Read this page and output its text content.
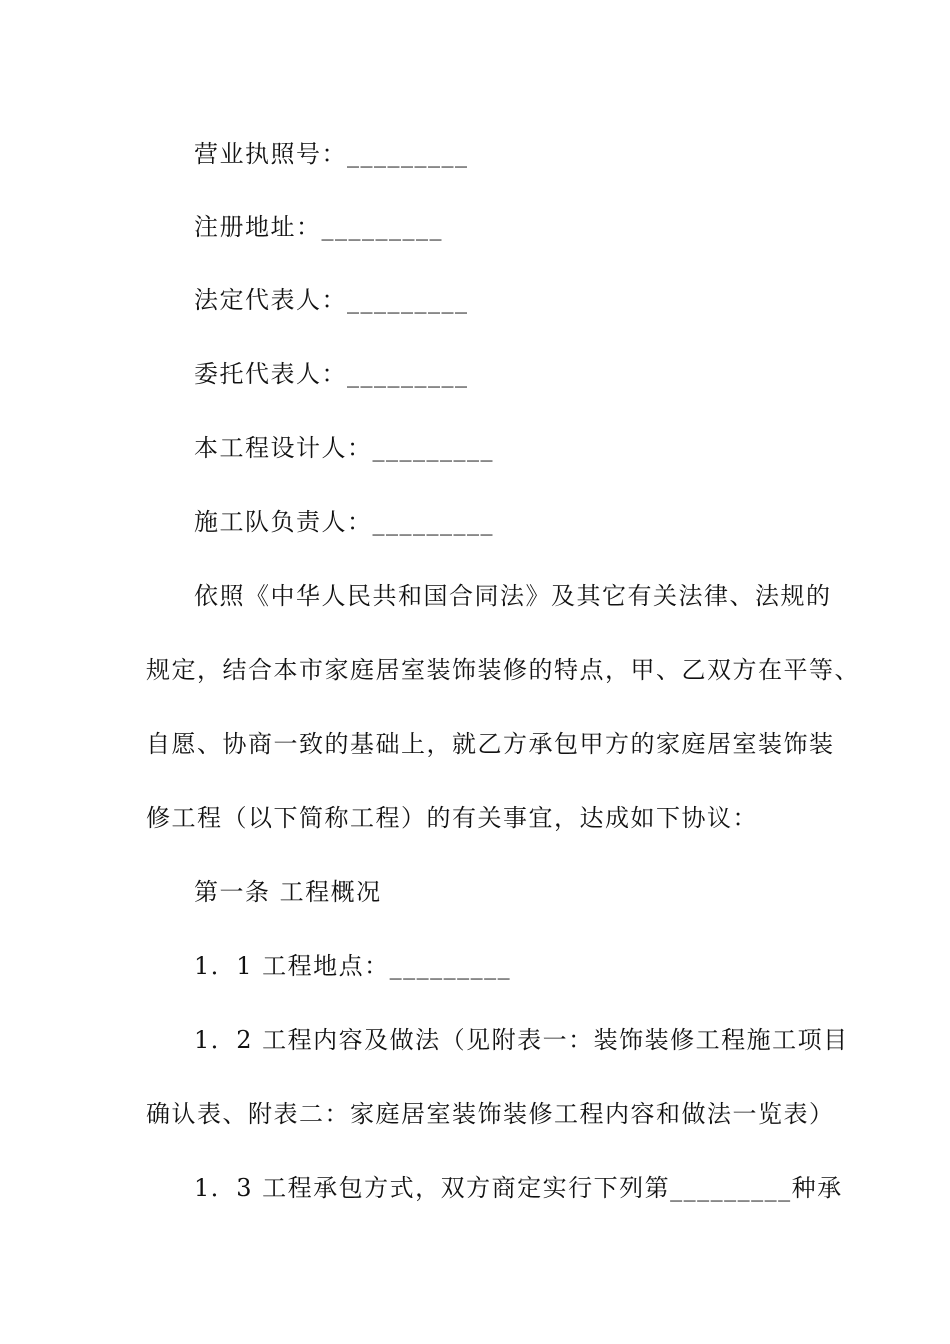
营业执照号：_________
注册地址：_________
法定代表人：_________
委托代表人：_________
本工程设计人：_________
施工队负责人：_________
依照《中华人民共和国合同法》及其它有关法律、法规的
规定，结合本市家庭居室装饰装修的特点，甲、乙双方在平等、
自愿、协商一致的基础上，就乙方承包甲方的家庭居室装饰装
修工程（以下简称工程）的有关事宜，达成如下协议：
第一条 工程概况
1．1 工程地点：_________
1．2 工程内容及做法（见附表一：装饰装修工程施工项目
确认表、附表二：家庭居室装饰装修工程内容和做法一览表）
1．3 工程承包方式，双方商定实行下列第_________种承
